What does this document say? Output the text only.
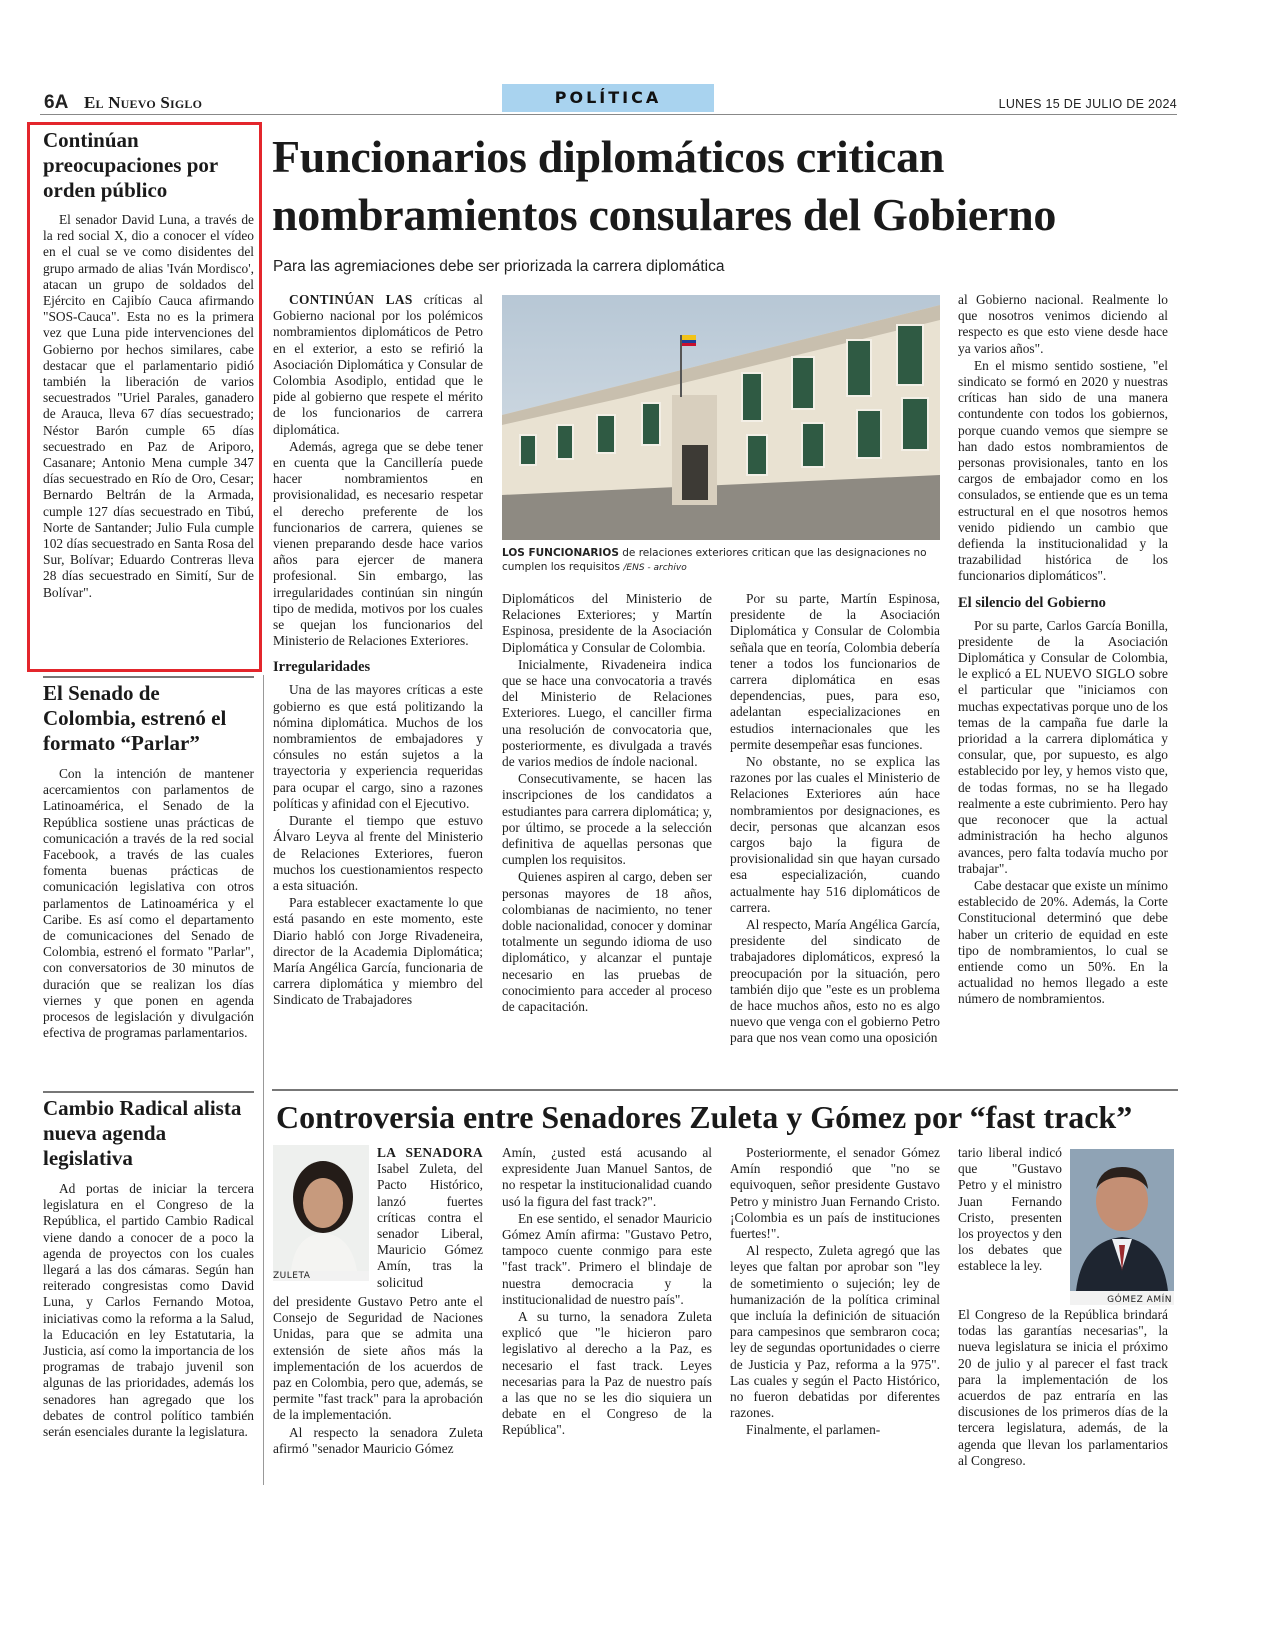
6A El Nuevo Siglo	POLÍTICA	LUNES 15 DE JULIO DE 2024
Continúan preocupaciones por orden público

El senador David Luna, a través de la red social X, dio a conocer el vídeo en el cual se ve como disidentes del grupo armado de alias 'Iván Mordisco', atacan un grupo de soldados del Ejército en Cajibío Cauca afirmando "SOS-Cauca". Esta no es la primera vez que Luna pide intervenciones del Gobierno por hechos similares, cabe destacar que el parlamentario pidió también la liberación de varios secuestrados "Uriel Parales, ganadero de Arauca, lleva 67 días secuestrado; Néstor Barón cumple 65 días secuestrado en Paz de Ariporo, Casanare; Antonio Mena cumple 347 días secuestrado en Río de Oro, Cesar; Bernardo Beltrán de la Armada, cumple 127 días secuestrado en Tibú, Norte de Santander; Julio Fula cumple 102 días secuestrado en Santa Rosa del Sur, Bolívar; Eduardo Contreras lleva 28 días secuestrado en Simití, Sur de Bolívar".

El Senado de Colombia, estrenó el formato “Parlar”

Con la intención de mantener acercamientos con parlamentos de Latinoamérica, el Senado de la República sostiene unas prácticas de comunicación a través de la red social Facebook, a través de las cuales fomenta buenas prácticas de comunicación legislativa con otros parlamentos de Latinoamérica y el Caribe. Es así como el departamento de comunicaciones del Senado de Colombia, estrenó el formato "Parlar", con conversatorios de 30 minutos de duración que se realizan los días viernes y que ponen en agenda procesos de legislación y divulgación efectiva de programas parlamentarios.

Cambio Radical alista nueva agenda legislativa

Ad portas de iniciar la tercera legislatura en el Congreso de la República, el partido Cambio Radical viene dando a conocer de a poco la agenda de proyectos con los cuales llegará a las dos cámaras. Según han reiterado congresistas como David Luna, y Carlos Fernando Motoa, iniciativas como la reforma a la Salud, la Educación en ley Estatutaria, la Justicia, así como la importancia de los programas de trabajo juvenil son algunas de las prioridades, además los senadores han agregado que los debates de control político también serán esenciales durante la legislatura.

Funcionarios diplomáticos critican nombramientos consulares del Gobierno
Para las agremiaciones debe ser priorizada la carrera diplomática

CONTINÚAN LAS críticas al Gobierno nacional por los polémicos nombramientos diplomáticos de Petro en el exterior, a esto se refirió la Asociación Diplomática y Consular de Colombia Asodiplo, entidad que le pide al gobierno que respete el mérito de los funcionarios de carrera diplomática.

Además, agrega que se debe tener en cuenta que la Cancillería puede hacer nombramientos en provisionalidad, es necesario respetar el derecho preferente de los funcionarios de carrera, quienes se vienen preparando desde hace varios años para ejercer de manera profesional. Sin embargo, las irregularidades continúan sin ningún tipo de medida, motivos por los cuales se quejan los funcionarios del Ministerio de Relaciones Exteriores.

Irregularidades

Una de las mayores críticas a este gobierno es que está politizando la nómina diplomática. Muchos de los nombramientos de embajadores y cónsules no están sujetos a la trayectoria y experiencia requeridas para ocupar el cargo, sino a razones políticas y afinidad con el Ejecutivo.

Durante el tiempo que estuvo Álvaro Leyva al frente del Ministerio de Relaciones Exteriores, fueron muchos los cuestionamientos respecto a esta situación.

Para establecer exactamente lo que está pasando en este momento, este Diario habló con Jorge Rivadeneira, director de la Academia Diplomática; María Angélica García, funcionaria de carrera diplomática y miembro del Sindicato de Trabajadores

LOS FUNCIONARIOS de relaciones exteriores critican que las designaciones no cumplen los requisitos /ENS - archivo

Diplomáticos del Ministerio de Relaciones Exteriores; y Martín Espinosa, presidente de la Asociación Diplomática y Consular de Colombia.

Inicialmente, Rivadeneira indica que se hace una convocatoria a través del Ministerio de Relaciones Exteriores. Luego, el canciller firma una resolución de convocatoria que, posteriormente, es divulgada a través de varios medios de índole nacional.

Consecutivamente, se hacen las inscripciones de los candidatos a estudiantes para carrera diplomática; y, por último, se procede a la selección definitiva de aquellas personas que cumplen los requisitos.

Quienes aspiren al cargo, deben ser personas mayores de 18 años, colombianas de nacimiento, no tener doble nacionalidad, conocer y dominar totalmente un segundo idioma de uso diplomático, y alcanzar el puntaje necesario en las pruebas de conocimiento para acceder al proceso de capacitación.

Por su parte, Martín Espinosa, presidente de la Asociación Diplomática y Consular de Colombia señala que en teoría, Colombia debería tener a todos los funcionarios de carrera diplomática en esas dependencias, pues, para eso, adelantan especializaciones en estudios internacionales que les permite desempeñar esas funciones.

No obstante, no se explica las razones por las cuales el Ministerio de Relaciones Exteriores aún hace nombramientos por designaciones, es decir, personas que alcanzan esos cargos bajo la figura de provisionalidad sin que hayan cursado esa especialización, cuando actualmente hay 516 diplomáticos de carrera.

Al respecto, María Angélica García, presidente del sindicato de trabajadores diplomáticos, expresó la preocupación por la situación, pero también dijo que "este es un problema de hace muchos años, esto no es algo nuevo que venga con el gobierno Petro para que nos vean como una oposición

al Gobierno nacional. Realmente lo que nosotros venimos diciendo al respecto es que esto viene desde hace ya varios años".

En el mismo sentido sostiene, "el sindicato se formó en 2020 y nuestras críticas han sido de una manera contundente con todos los gobiernos, porque cuando vemos que siempre se han dado estos nombramientos de personas provisionales, tanto en los cargos de embajador como en los consulados, se entiende que es un tema estructural en el que nosotros hemos venido pidiendo un cambio que defienda la institucionalidad y la trazabilidad histórica de los funcionarios diplomáticos".

El silencio del Gobierno

Por su parte, Carlos García Bonilla, presidente de la Asociación Diplomática y Consular de Colombia, le explicó a EL NUEVO SIGLO sobre el particular que "iniciamos con muchas expectativas porque uno de los temas de la campaña fue darle la prioridad a la carrera diplomática y consular, que, por supuesto, es algo establecido por ley, y hemos visto que, de todas formas, no se ha llegado realmente a este cubrimiento. Pero hay que reconocer que la actual administración ha hecho algunos avances, pero falta todavía mucho por trabajar".

Cabe destacar que existe un mínimo establecido de 20%. Además, la Corte Constitucional determinó que debe haber un criterio de equidad en este tipo de nombramientos, lo cual se entiende como un 50%. En la actualidad no hemos llegado a este número de nombramientos.

Controversia entre Senadores Zuleta y Gómez por “fast track”
ZULETA

LA SENADORA Isabel Zuleta, del Pacto Histórico, lanzó fuertes críticas contra el senador Liberal, Mauricio Gómez Amín, tras la solicitud

del presidente Gustavo Petro ante el Consejo de Seguridad de Naciones Unidas, para que se admita una extensión de siete años más la implementación de los acuerdos de paz en Colombia, pero que, además, se permite "fast track" para la aprobación de la implementación.

Al respecto la senadora Zuleta afirmó "senador Mauricio Gómez

Amín, ¿usted está acusando al expresidente Juan Manuel Santos, de no respetar la institucionalidad cuando usó la figura del fast track?".

En ese sentido, el senador Mauricio Gómez Amín afirma: "Gustavo Petro, tampoco cuente conmigo para este "fast track". Primero el blindaje de nuestra democracia y la institucionalidad de nuestro país".

A su turno, la senadora Zuleta explicó que "le hicieron paro legislativo al derecho a la Paz, es necesario el fast track. Leyes necesarias para la Paz de nuestro país a las que no se les dio siquiera un debate en el Congreso de la República".

Posteriormente, el senador Gómez Amín respondió que "no se equivoquen, señor presidente Gustavo Petro y ministro Juan Fernando Cristo. ¡Colombia es un país de instituciones fuertes!".

Al respecto, Zuleta agregó que las leyes que faltan por aprobar son "ley de sometimiento o sujeción; ley de humanización de la política criminal que incluía la definición de situación para campesinos que sembraron coca; ley de segundas oportunidades o cierre de Justicia y Paz, reforma a la 975". Las cuales y según el Pacto Histórico, no fueron debatidas por diferentes razones.

Finalmente, el parlamen-

tario liberal indicó que "Gustavo Petro y el ministro Juan Fernando Cristo, presenten los proyectos y den los debates que establece la ley.

GÓMEZ AMÍN

El Congreso de la República brindará todas las garantías necesarias", la nueva legislatura se inicia el próximo 20 de julio y al parecer el fast track para la implementación de los acuerdos de paz entraría en las discusiones de los primeros días de la tercera legislatura, además, de la agenda que llevan los parlamentarios al Congreso.
